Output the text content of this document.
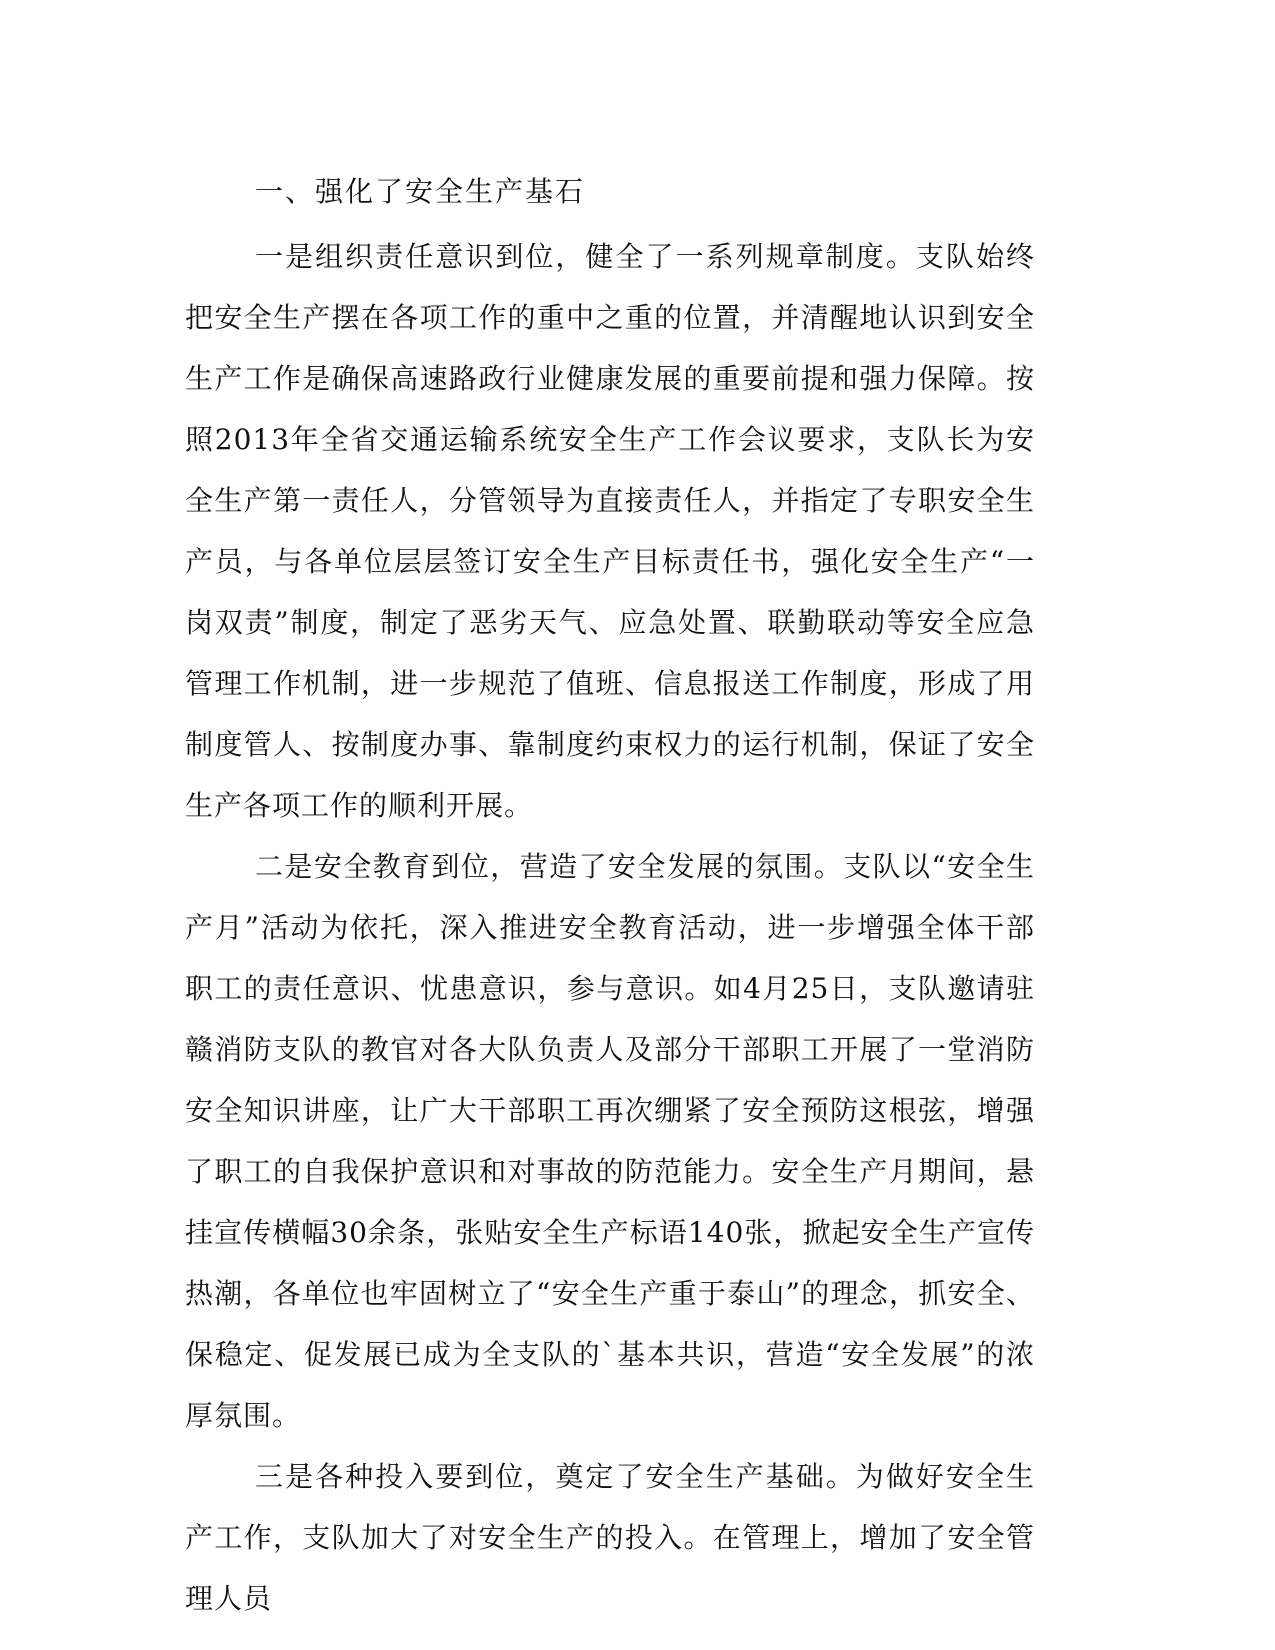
一、强化了安全生产基石

一是组织责任意识到位，健全了一系列规章制度。支队始终把安全生产摆在各项工作的重中之重的位置，并清醒地认识到安全生产工作是确保高速路政行业健康发展的重要前提和强力保障。按照2013年全省交通运输系统安全生产工作会议要求，支队长为安全生产第一责任人，分管领导为直接责任人，并指定了专职安全生产员，与各单位层层签订安全生产目标责任书，强化安全生产“一岗双责”制度，制定了恶劣天气、应急处置、联勤联动等安全应急管理工作机制，进一步规范了值班、信息报送工作制度，形成了用制度管人、按制度办事、靠制度约束权力的运行机制，保证了安全生产各项工作的顺利开展。

二是安全教育到位，营造了安全发展的氛围。支队以“安全生产月”活动为依托，深入推进安全教育活动，进一步增强全体干部职工的责任意识、忧患意识，参与意识。如4月25日，支队邀请驻赣消防支队的教官对各大队负责人及部分干部职工开展了一堂消防安全知识讲座，让广大干部职工再次绷紧了安全预防这根弦，增强了职工的自我保护意识和对事故的防范能力。安全生产月期间，悬挂宣传横幅30余条，张贴安全生产标语140张，掀起安全生产宣传热潮，各单位也牢固树立了“安全生产重于泰山”的理念，抓安全、保稳定、促发展已成为全支队的`基本共识，营造“安全发展”的浓厚氛围。

三是各种投入要到位，奠定了安全生产基础。为做好安全生产工作，支队加大了对安全生产的投入。在管理上，增加了安全管理人员
